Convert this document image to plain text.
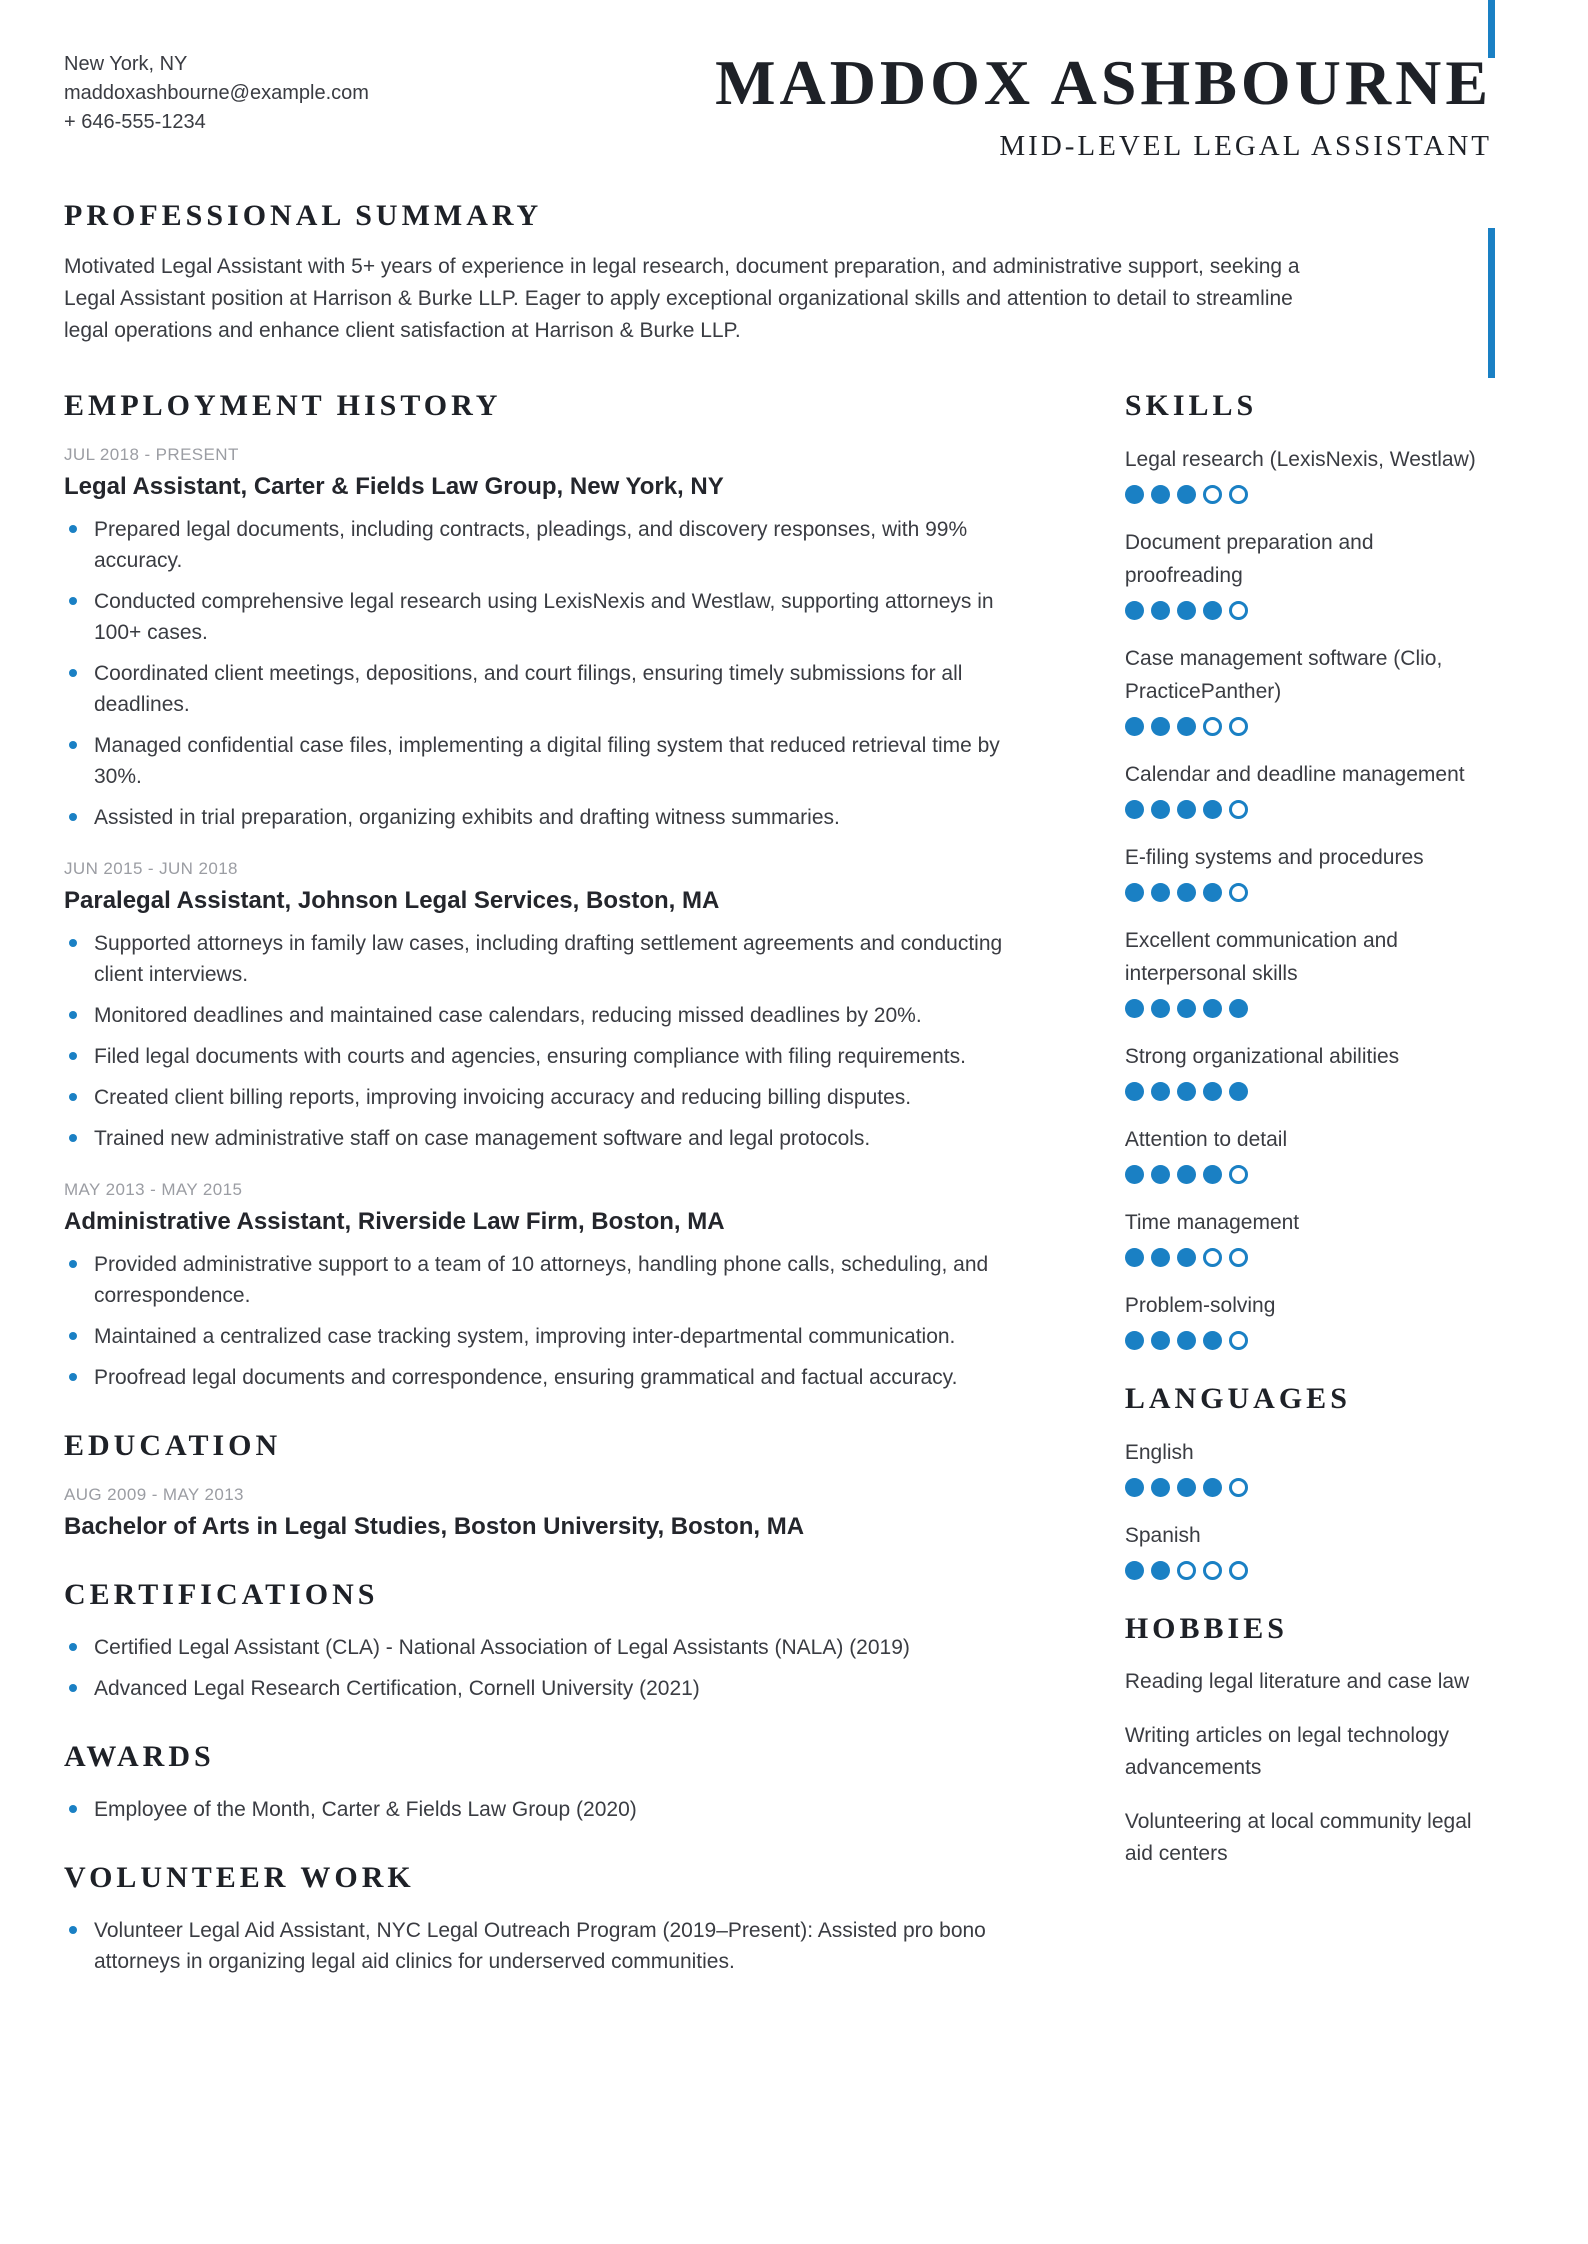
New York, NY
maddoxashbourne@example.com
+ 646-555-1234
MADDOX ASHBOURNE
MID-LEVEL LEGAL ASSISTANT
PROFESSIONAL SUMMARY

Motivated Legal Assistant with 5+ years of experience in legal research, document preparation, and administrative support, seeking a Legal Assistant position at Harrison & Burke LLP. Eager to apply exceptional organizational skills and attention to detail to streamline legal operations and enhance client satisfaction at Harrison & Burke LLP.

EMPLOYMENT HISTORY
JUL 2018 - PRESENT
Legal Assistant, Carter & Fields Law Group, New York, NY
Prepared legal documents, including contracts, pleadings, and discovery responses, with 99% accuracy.
Conducted comprehensive legal research using LexisNexis and Westlaw, supporting attorneys in 100+ cases.
Coordinated client meetings, depositions, and court filings, ensuring timely submissions for all deadlines.
Managed confidential case files, implementing a digital filing system that reduced retrieval time by 30%.
Assisted in trial preparation, organizing exhibits and drafting witness summaries.
JUN 2015 - JUN 2018
Paralegal Assistant, Johnson Legal Services, Boston, MA
Supported attorneys in family law cases, including drafting settlement agreements and conducting client interviews.
Monitored deadlines and maintained case calendars, reducing missed deadlines by 20%.
Filed legal documents with courts and agencies, ensuring compliance with filing requirements.
Created client billing reports, improving invoicing accuracy and reducing billing disputes.
Trained new administrative staff on case management software and legal protocols.
MAY 2013 - MAY 2015
Administrative Assistant, Riverside Law Firm, Boston, MA
Provided administrative support to a team of 10 attorneys, handling phone calls, scheduling, and correspondence.
Maintained a centralized case tracking system, improving inter-departmental communication.
Proofread legal documents and correspondence, ensuring grammatical and factual accuracy.
EDUCATION
AUG 2009 - MAY 2013
Bachelor of Arts in Legal Studies, Boston University, Boston, MA
CERTIFICATIONS
Certified Legal Assistant (CLA) - National Association of Legal Assistants (NALA) (2019)
Advanced Legal Research Certification, Cornell University (2021)
AWARDS
Employee of the Month, Carter & Fields Law Group (2020)
VOLUNTEER WORK
Volunteer Legal Aid Assistant, NYC Legal Outreach Program (2019–Present): Assisted pro bono attorneys in organizing legal aid clinics for underserved communities.
SKILLS
Legal research (LexisNexis, Westlaw)
Document preparation and proofreading
Case management software (Clio, PracticePanther)
Calendar and deadline management
E-filing systems and procedures
Excellent communication and interpersonal skills
Strong organizational abilities
Attention to detail
Time management
Problem-solving
LANGUAGES
English
Spanish
HOBBIES
Reading legal literature and case law
Writing articles on legal technology advancements
Volunteering at local community legal aid centers
